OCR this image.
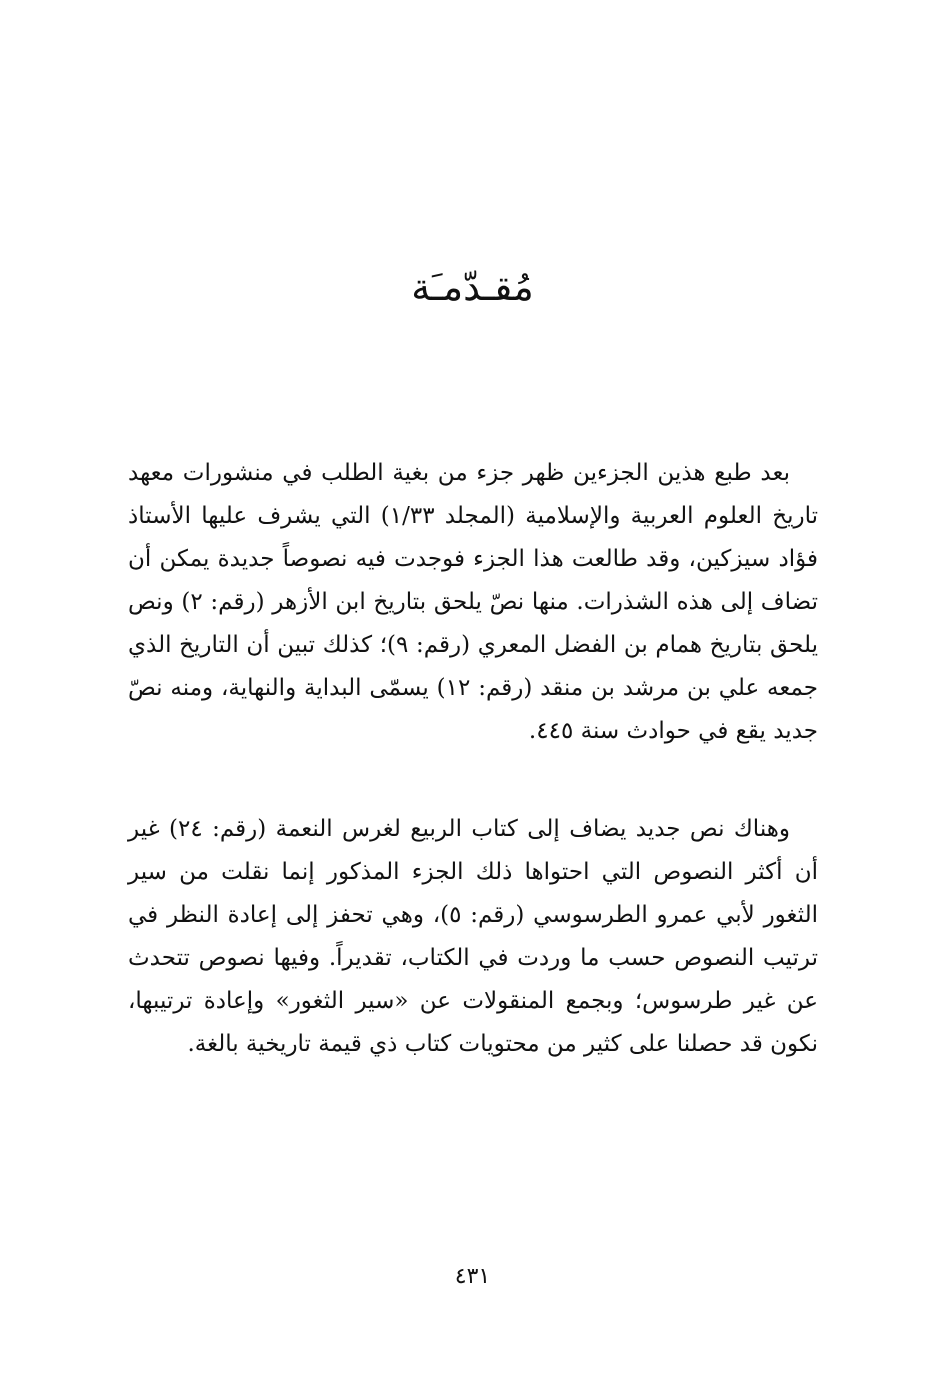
مُقـدّمـَة

بعد طبع هذين الجزءين ظهر جزء من بغية الطلب في منشورات معهد تاريخ العلوم العربية والإسلامية (المجلد ١/٣٣) التي يشرف عليها الأستاذ فؤاد سيزكين، وقد طالعت هذا الجزء فوجدت فيه نصوصاً جديدة يمكن أن تضاف إلى هذه الشذرات. منها نصّ يلحق بتاريخ ابن الأزهر (رقم: ٢) ونص يلحق بتاريخ همام بن الفضل المعري (رقم: ٩)؛ كذلك تبين أن التاريخ الذي جمعه علي بن مرشد بن منقد (رقم: ١٢) يسمّى البداية والنهاية، ومنه نصّ جديد يقع في حوادث سنة ٤٤٥.

وهناك نص جديد يضاف إلى كتاب الربيع لغرس النعمة (رقم: ٢٤) غير أن أكثر النصوص التي احتواها ذلك الجزء المذكور إنما نقلت من سير الثغور لأبي عمرو الطرسوسي (رقم: ٥)، وهي تحفز إلى إعادة النظر في ترتيب النصوص حسب ما وردت في الكتاب، تقديراً. وفيها نصوص تتحدث عن غير طرسوس؛ وبجمع المنقولات عن «سير الثغور» وإعادة ترتيبها، نكون قد حصلنا على كثير من محتويات كتاب ذي قيمة تاريخية بالغة.

٤٣١
